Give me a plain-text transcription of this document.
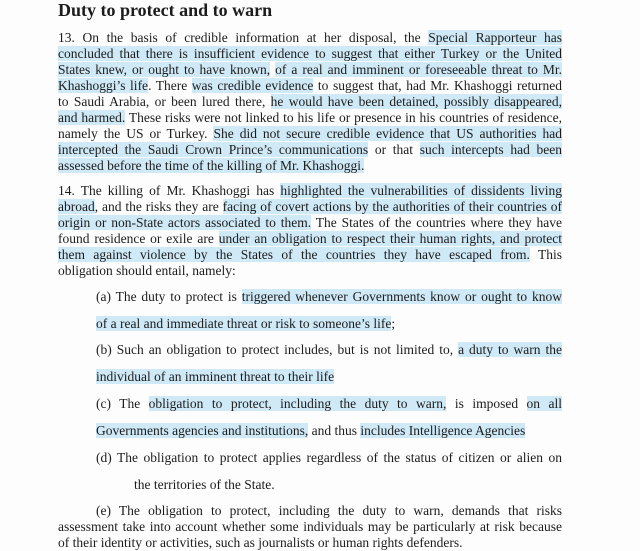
Duty to protect and to warn
13. On the basis of credible information at her disposal, the Special Rapporteur has
concluded that there is insufficient evidence to suggest that either Turkey or the United
States knew, or ought to have known, of a real and imminent or foreseeable threat to Mr.
Khashoggi’s life. There was credible evidence to suggest that, had Mr. Khashoggi returned
to Saudi Arabia, or been lured there, he would have been detained, possibly disappeared,
and harmed. These risks were not linked to his life or presence in his countries of residence,
namely the US or Turkey. She did not secure credible evidence that US authorities had
intercepted the Saudi Crown Prince’s communications or that such intercepts had been
assessed before the time of the killing of Mr. Khashoggi.
14. The killing of Mr. Khashoggi has highlighted the vulnerabilities of dissidents living
abroad, and the risks they are facing of covert actions by the authorities of their countries of
origin or non-State actors associated to them. The States of the countries where they have
found residence or exile are under an obligation to respect their human rights, and protect
them against violence by the States of the countries they have escaped from. This
obligation should entail, namely:
(a) The duty to protect is triggered whenever Governments know or ought to know
of a real and immediate threat or risk to someone’s life;
(b) Such an obligation to protect includes, but is not limited to, a duty to warn the
individual of an imminent threat to their life
(c) The obligation to protect, including the duty to warn, is imposed on all
Governments agencies and institutions, and thus includes Intelligence Agencies
(d) The obligation to protect applies regardless of the status of citizen or alien on
the territories of the State.
(e) The obligation to protect, including the duty to warn, demands that risks
assessment take into account whether some individuals may be particularly at risk because
of their identity or activities, such as journalists or human rights defenders.
